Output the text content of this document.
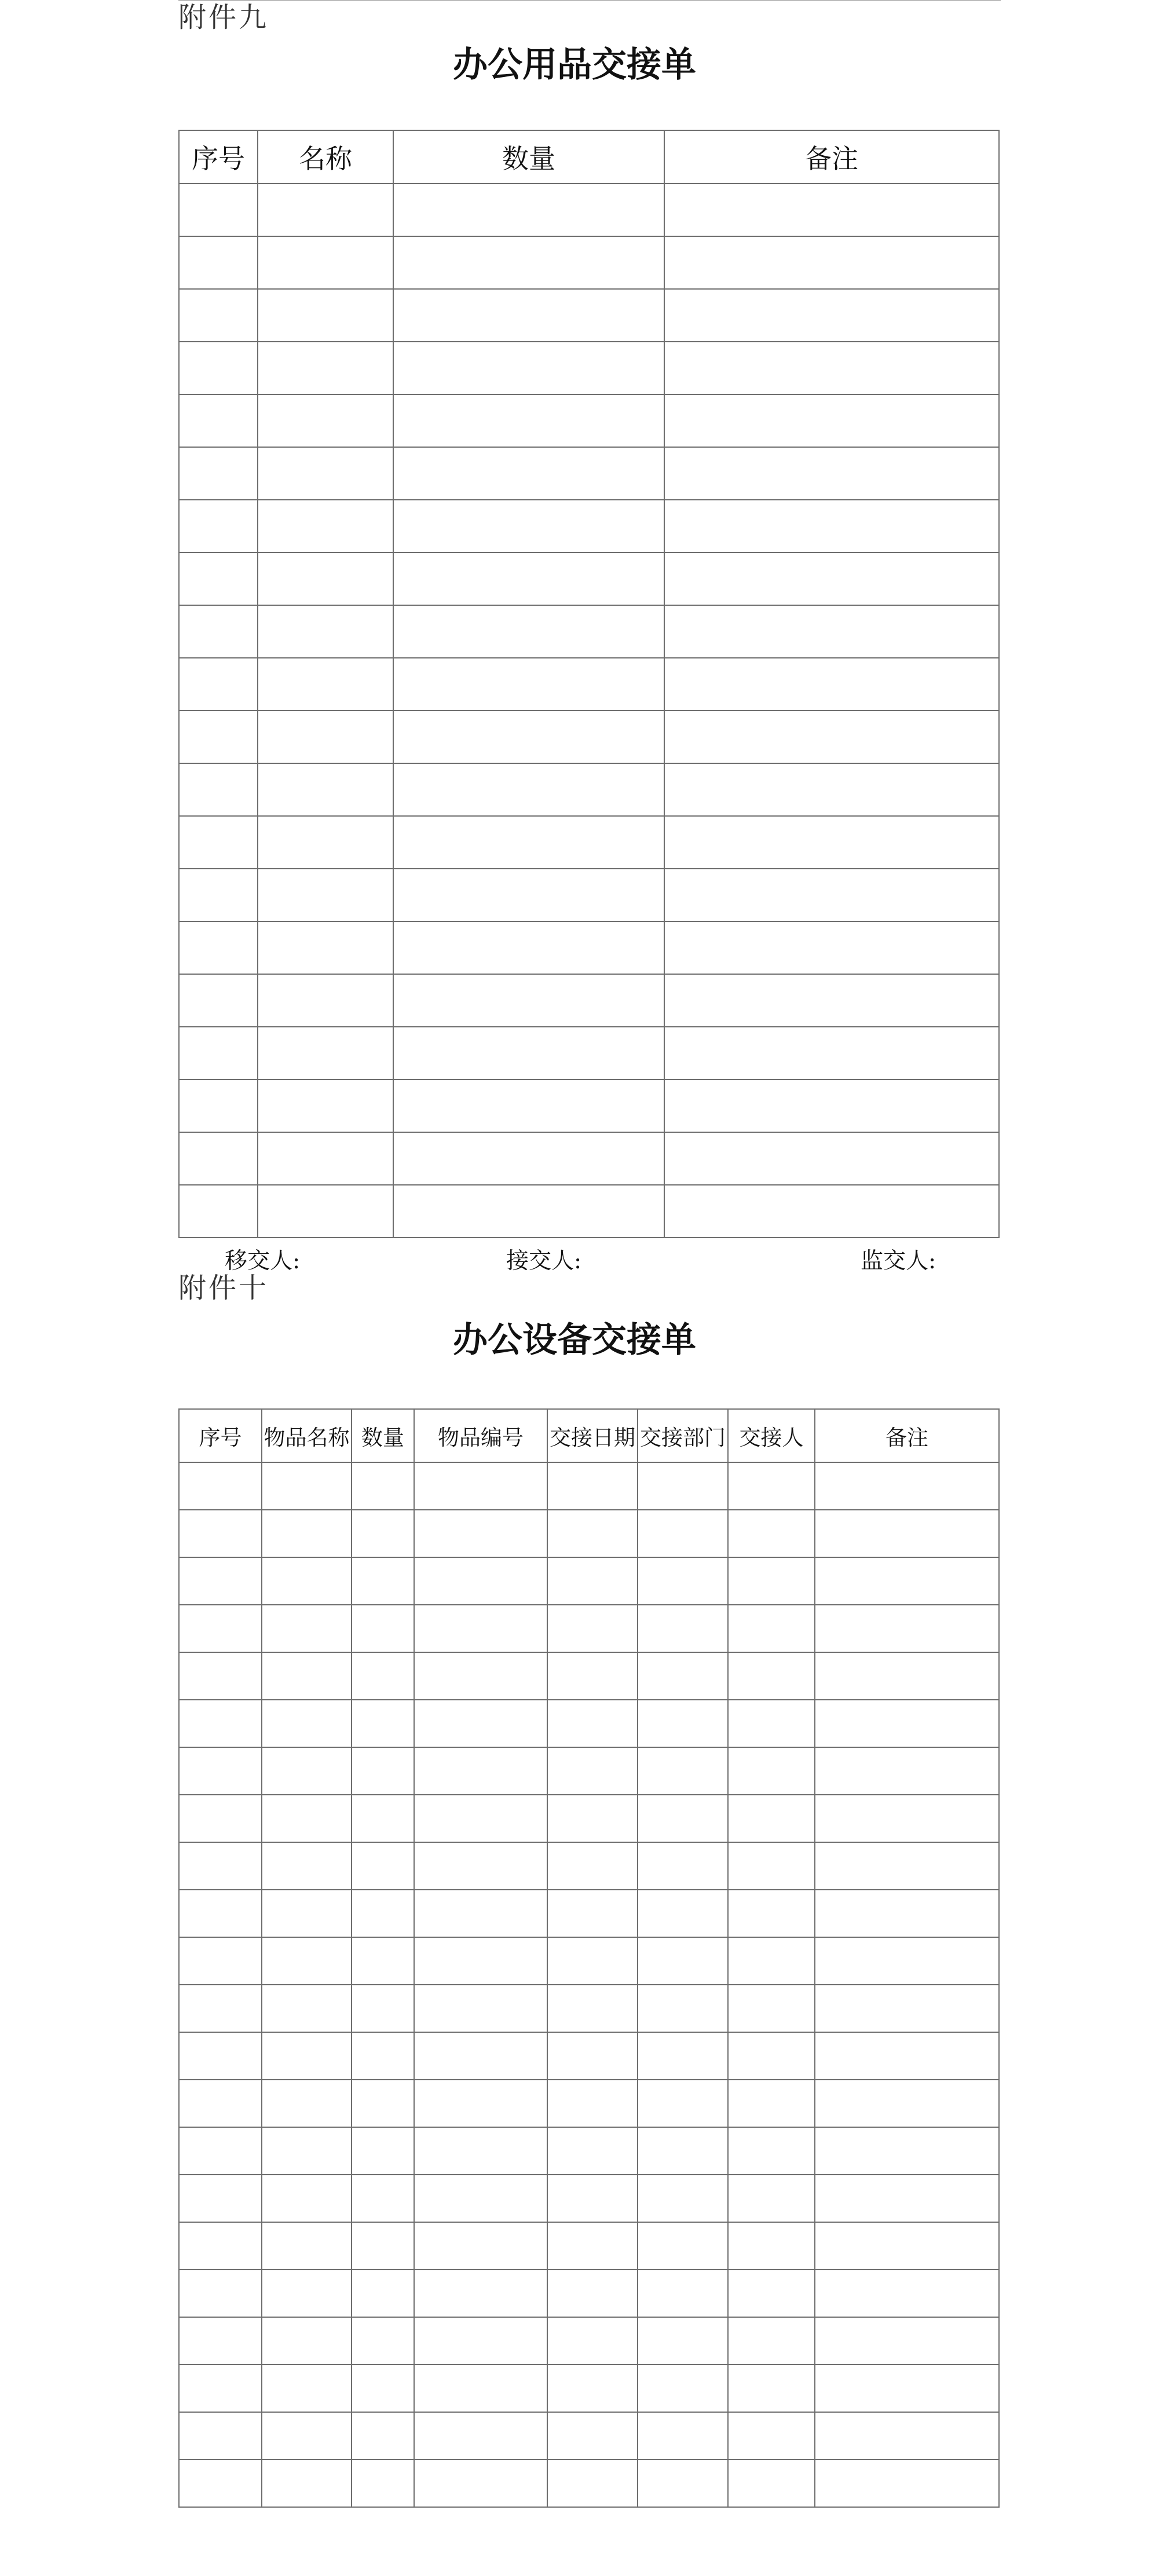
附件九
办公用品交接单
序号	名称	数量	备注

移交人:	接交人:	监交人:
附件十
办公设备交接单
序号	物品名称	数量	物品编号	交接日期	交接部门	交接人	备注
